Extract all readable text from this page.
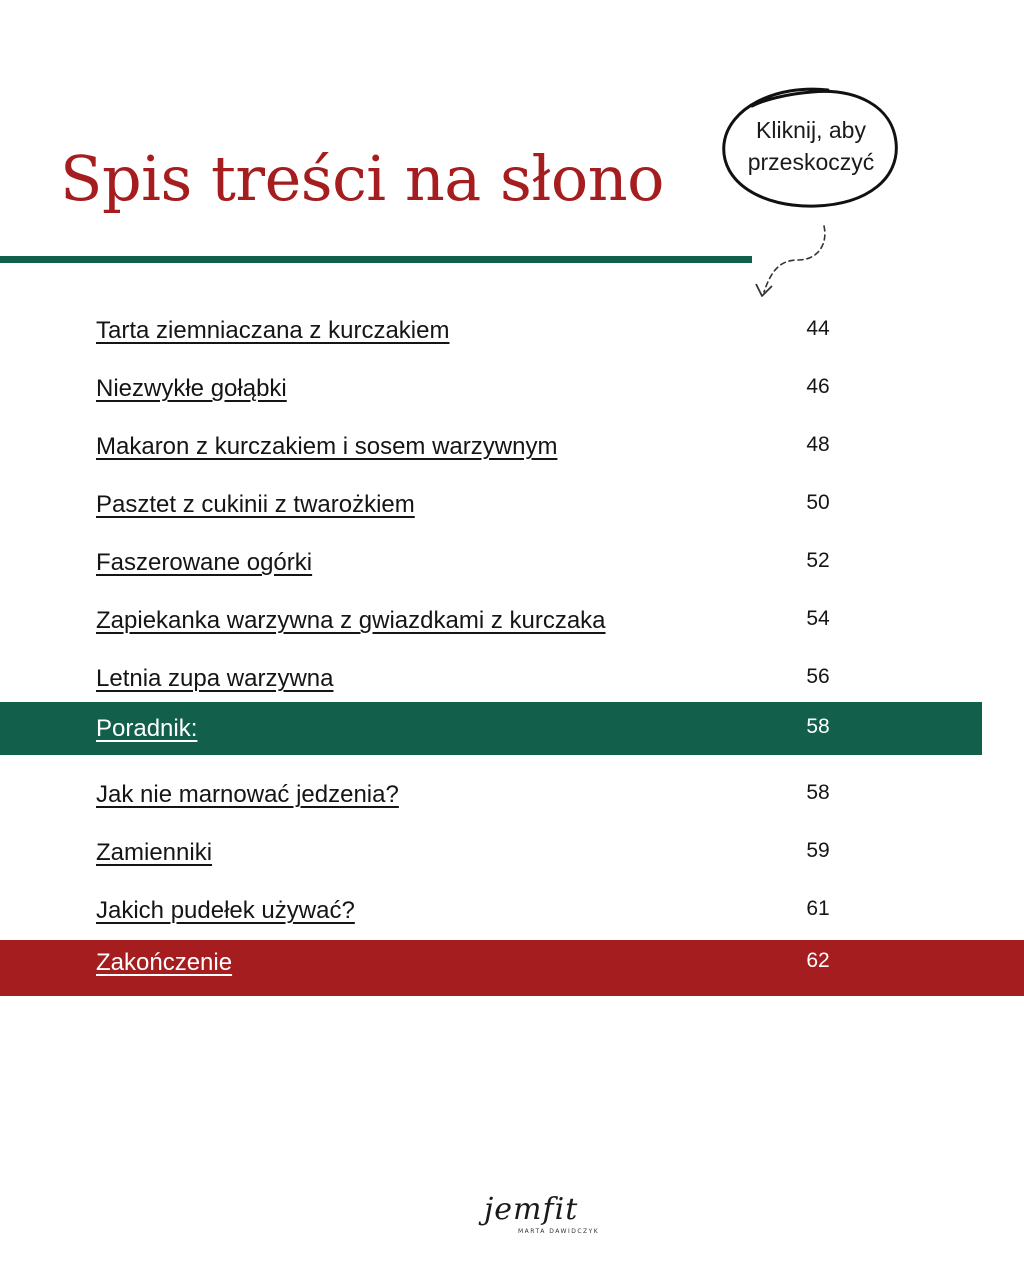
Spis treści na słono
Kliknij, aby
przeskoczyć
Tarta ziemniaczana z kurczakiem	44
Niezwykłe gołąbki	46
Makaron z kurczakiem i sosem warzywnym	48
Pasztet z cukinii z twarożkiem	50
Faszerowane ogórki	52
Zapiekanka warzywna z gwiazdkami z kurczaka	54
Letnia zupa warzywna	56
Poradnik:	58
Jak nie marnować jedzenia?	58
Zamienniki	59
Jakich pudełek używać?	61
Zakończenie	62
jemfit
MARTA DAWIDCZYK
